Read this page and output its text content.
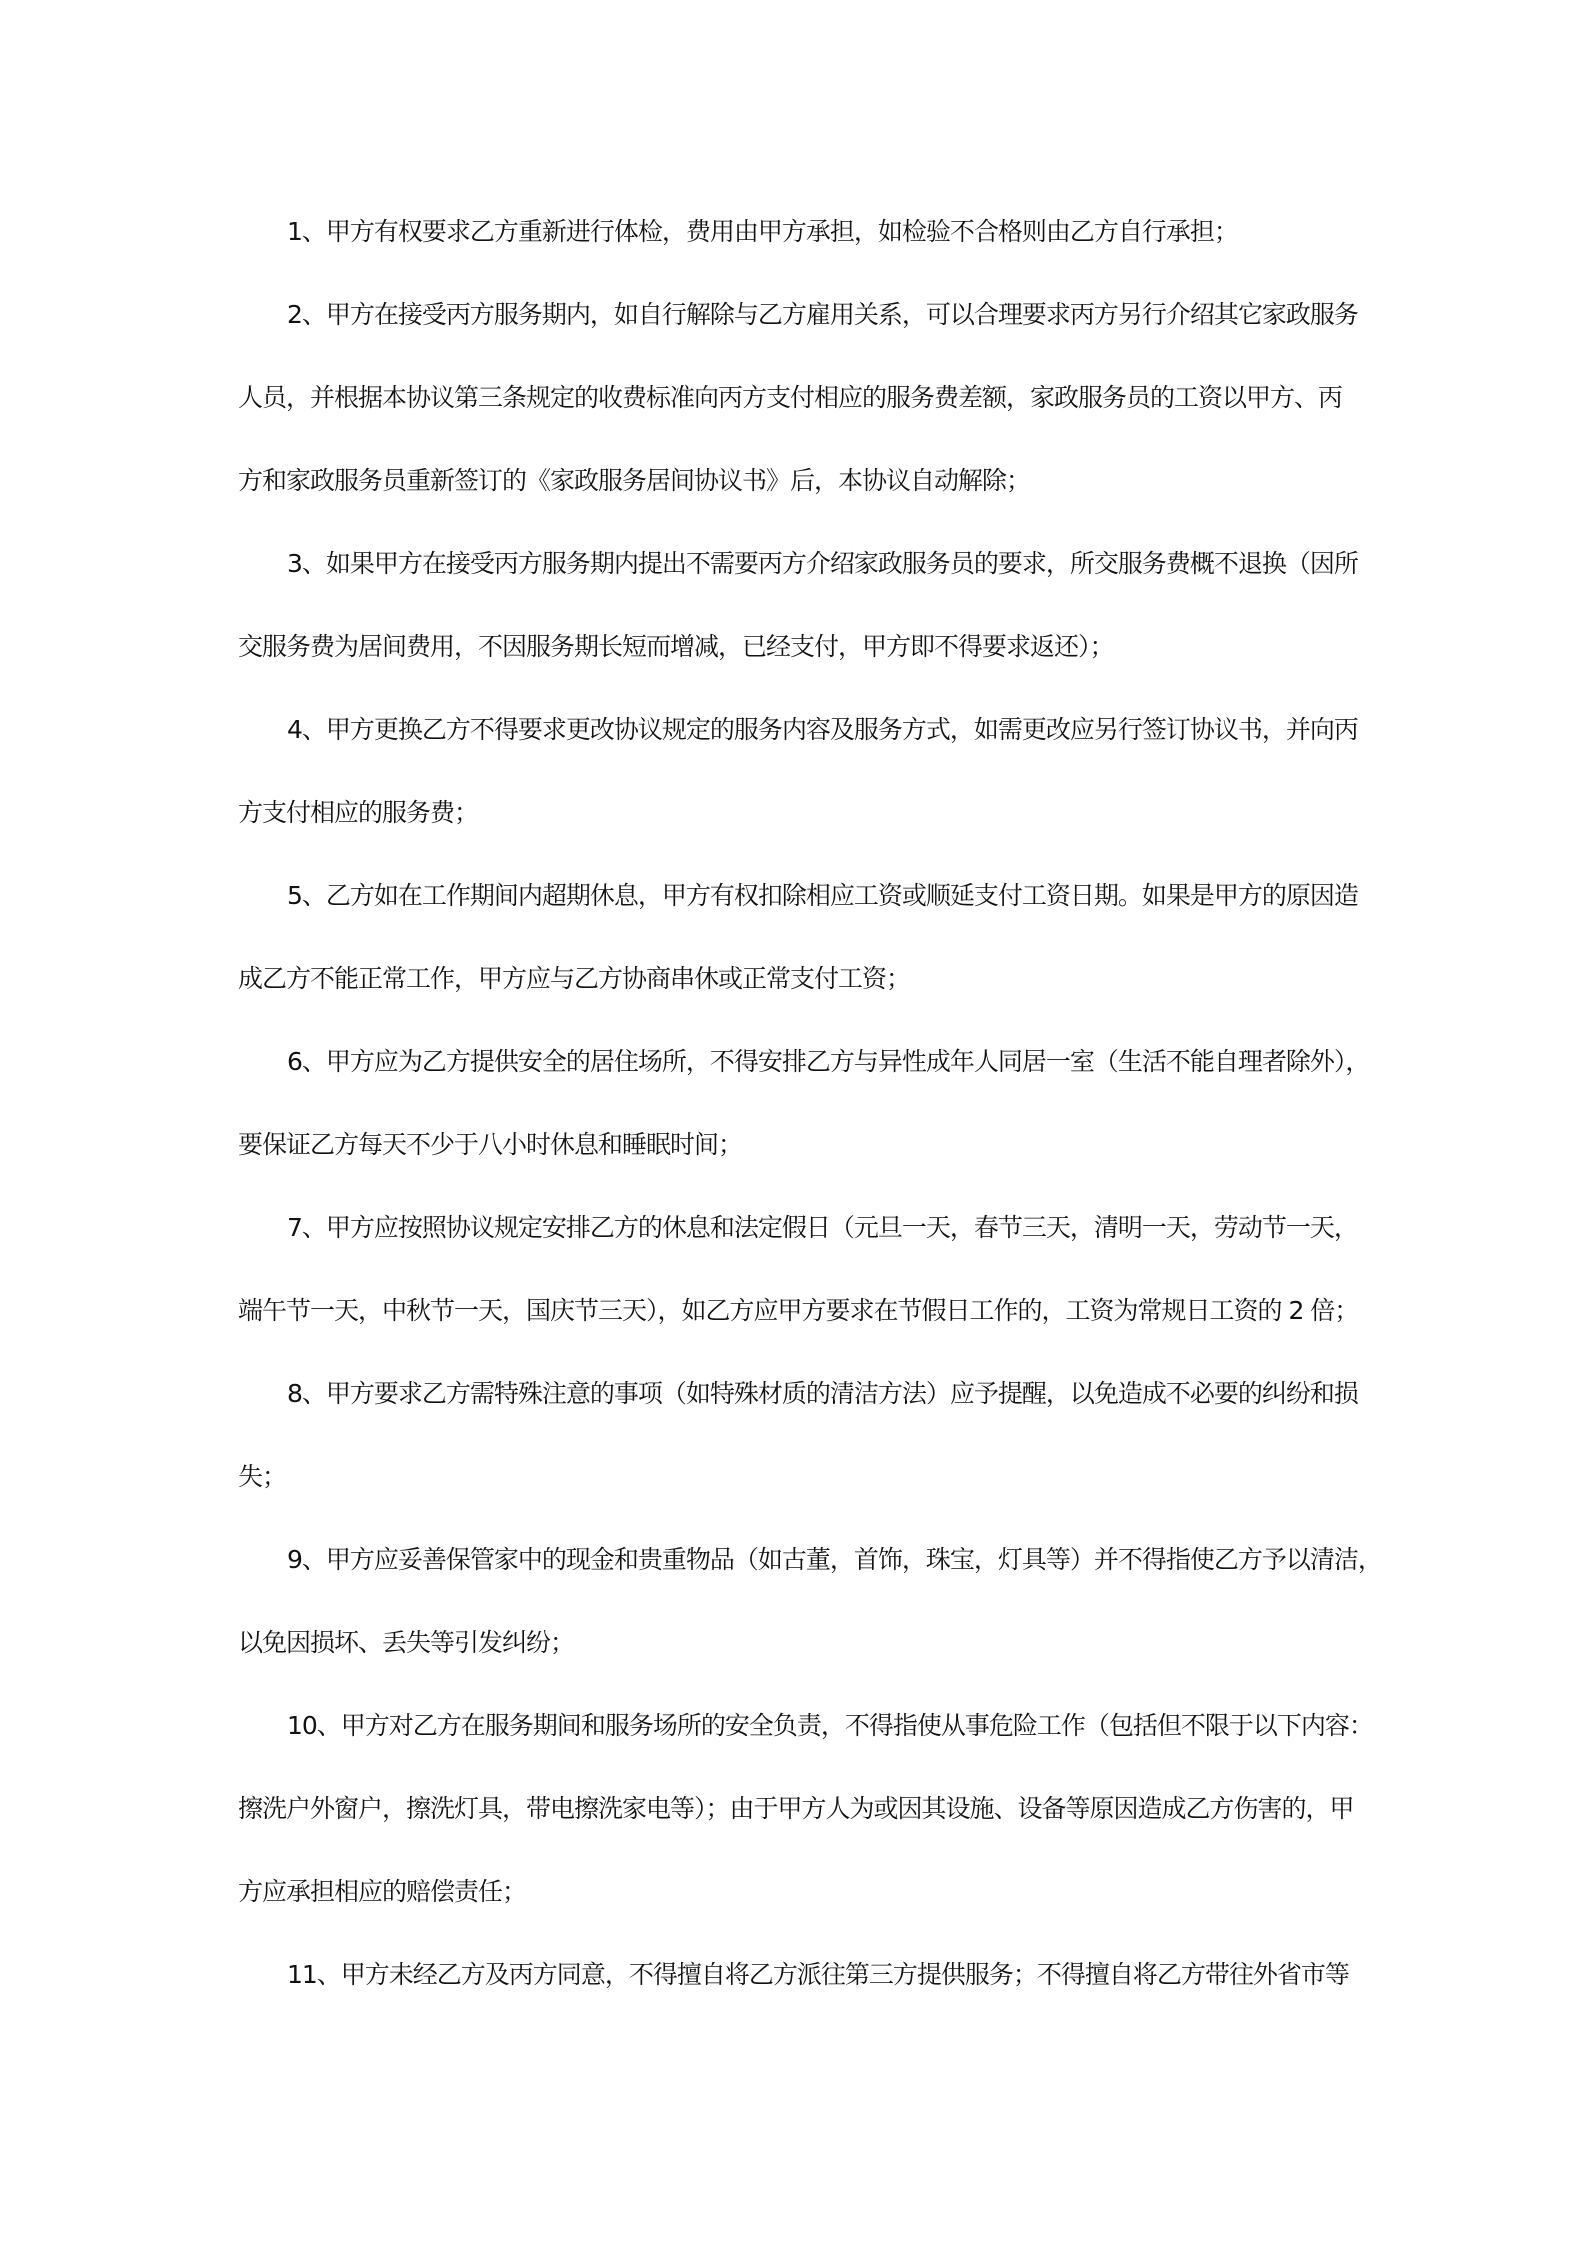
1、甲方有权要求乙方重新进行体检，费用由甲方承担，如检验不合格则由乙方自行承担；

2、甲方在接受丙方服务期内，如自行解除与乙方雇用关系，可以合理要求丙方另行介绍其它家政服务

人员，并根据本协议第三条规定的收费标准向丙方支付相应的服务费差额，家政服务员的工资以甲方、丙

方和家政服务员重新签订的《家政服务居间协议书》后，本协议自动解除；

3、如果甲方在接受丙方服务期内提出不需要丙方介绍家政服务员的要求，所交服务费概不退换（因所

交服务费为居间费用，不因服务期长短而增减，已经支付，甲方即不得要求返还）；

4、甲方更换乙方不得要求更改协议规定的服务内容及服务方式，如需更改应另行签订协议书，并向丙

方支付相应的服务费；

5、乙方如在工作期间内超期休息，甲方有权扣除相应工资或顺延支付工资日期。如果是甲方的原因造

成乙方不能正常工作，甲方应与乙方协商串休或正常支付工资；

6、甲方应为乙方提供安全的居住场所，不得安排乙方与异性成年人同居一室（生活不能自理者除外），

要保证乙方每天不少于八小时休息和睡眠时间；

7、甲方应按照协议规定安排乙方的休息和法定假日（元旦一天，春节三天，清明一天，劳动节一天，

端午节一天，中秋节一天，国庆节三天），如乙方应甲方要求在节假日工作的，工资为常规日工资的 2 倍；

8、甲方要求乙方需特殊注意的事项（如特殊材质的清洁方法）应予提醒，以免造成不必要的纠纷和损

失；

9、甲方应妥善保管家中的现金和贵重物品（如古董，首饰，珠宝，灯具等）并不得指使乙方予以清洁，

以免因损坏、丢失等引发纠纷；

10、甲方对乙方在服务期间和服务场所的安全负责，不得指使从事危险工作（包括但不限于以下内容：

擦洗户外窗户，擦洗灯具，带电擦洗家电等）；由于甲方人为或因其设施、设备等原因造成乙方伤害的，甲

方应承担相应的赔偿责任；

11、甲方未经乙方及丙方同意，不得擅自将乙方派往第三方提供服务；不得擅自将乙方带往外省市等
